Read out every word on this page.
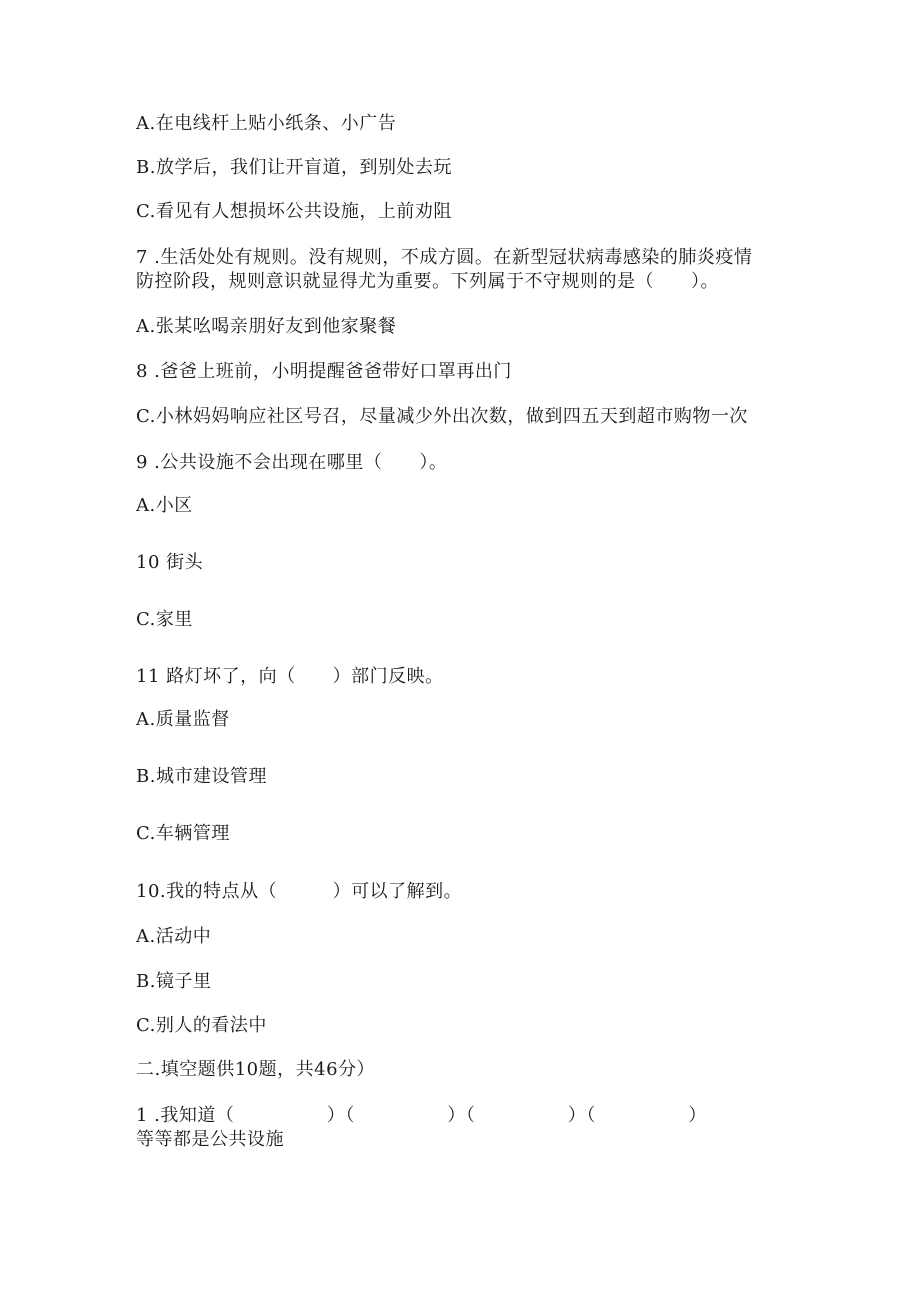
A.在电线杆上贴小纸条、小广告
B.放学后，我们让开盲道，到别处去玩
C.看见有人想损坏公共设施，上前劝阻
7 .生活处处有规则。没有规则，不成方圆。在新型冠状病毒感染的肺炎疫情
防控阶段，规则意识就显得尤为重要。下列属于不守规则的是（　　）。
A.张某吆喝亲朋好友到他家聚餐
8 .爸爸上班前，小明提醒爸爸带好口罩再出门
C.小林妈妈响应社区号召，尽量减少外出次数，做到四五天到超市购物一次
9 .公共设施不会出现在哪里（　　）。
A.小区
10 街头
C.家里
11 路灯坏了，向（　　）部门反映。
A.质量监督
B.城市建设管理
C.车辆管理
10.我的特点从（　　　）可以了解到。
A.活动中
B.镜子里
C.别人的看法中
二.填空题供10题，共46分）
1 .我知道（　　　　　）（　　　　　）（　　　　　）（　　　　　）
等等都是公共设施
